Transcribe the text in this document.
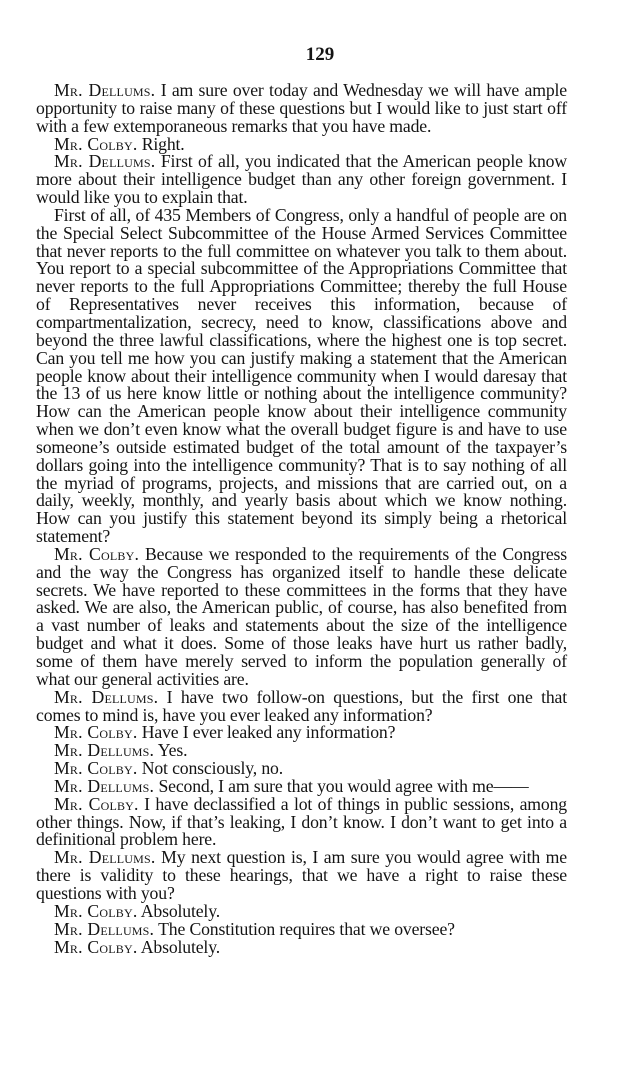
129

Mr. Dellums. I am sure over today and Wednesday we will have ample opportunity to raise many of these questions but I would like to just start off with a few extemporaneous remarks that you have made.

Mr. Colby. Right.

Mr. Dellums. First of all, you indicated that the American people know more about their intelligence budget than any other foreign government. I would like you to explain that.

First of all, of 435 Members of Congress, only a handful of people are on the Special Select Subcommittee of the House Armed Services Committee that never reports to the full committee on whatever you talk to them about. You report to a special subcommittee of the Appropriations Committee that never reports to the full Appropriations Committee; thereby the full House of Representatives never receives this information, because of compartmentalization, secrecy, need to know, classifications above and beyond the three lawful classifications, where the highest one is top secret. Can you tell me how you can justify making a statement that the American people know about their intelligence community when I would daresay that the 13 of us here know little or nothing about the intelligence community? How can the American people know about their intelligence community when we don’t even know what the overall budget figure is and have to use someone’s outside estimated budget of the total amount of the taxpayer’s dollars going into the intelligence community? That is to say nothing of all the myriad of programs, projects, and missions that are carried out, on a daily, weekly, monthly, and yearly basis about which we know nothing. How can you justify this statement beyond its simply being a rhetorical statement?

Mr. Colby. Because we responded to the requirements of the Congress and the way the Congress has organized itself to handle these delicate secrets. We have reported to these committees in the forms that they have asked. We are also, the American public, of course, has also benefited from a vast number of leaks and statements about the size of the intelligence budget and what it does. Some of those leaks have hurt us rather badly, some of them have merely served to inform the population generally of what our general activities are.

Mr. Dellums. I have two follow-on questions, but the first one that comes to mind is, have you ever leaked any information?

Mr. Colby. Have I ever leaked any information?

Mr. Dellums. Yes.

Mr. Colby. Not consciously, no.

Mr. Dellums. Second, I am sure that you would agree with me——

Mr. Colby. I have declassified a lot of things in public sessions, among other things. Now, if that’s leaking, I don’t know. I don’t want to get into a definitional problem here.

Mr. Dellums. My next question is, I am sure you would agree with me there is validity to these hearings, that we have a right to raise these questions with you?

Mr. Colby. Absolutely.

Mr. Dellums. The Constitution requires that we oversee?

Mr. Colby. Absolutely.
